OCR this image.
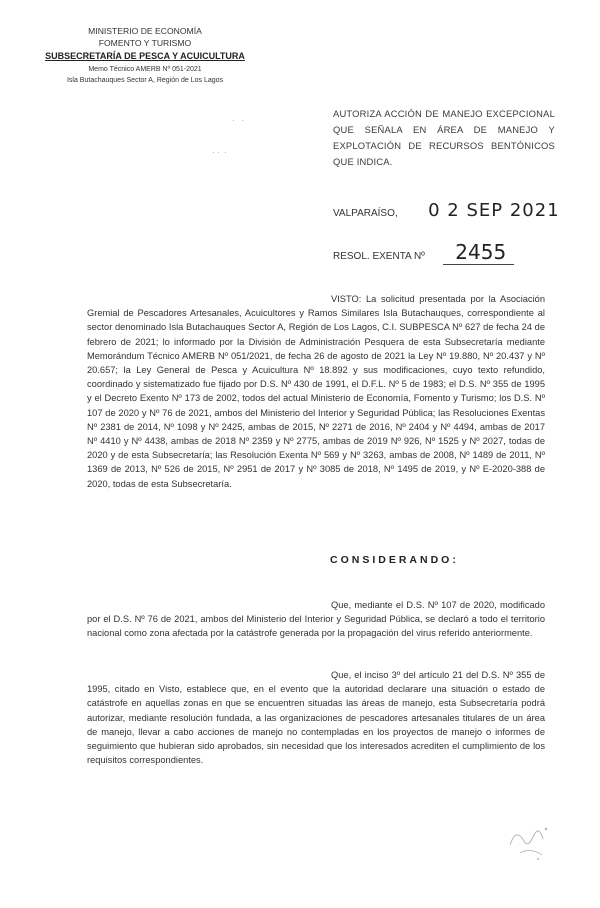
MINISTERIO DE ECONOMÍA
FOMENTO Y TURISMO
SUBSECRETARÍA DE PESCA Y ACUICULTURA
Memo Técnico AMERB Nº 051-2021
Isla Butachauques Sector A, Región de Los Lagos
·   ·
· ·  ·
AUTORIZA ACCIÓN DE MANEJO EXCEPCIONAL QUE SEÑALA EN ÁREA DE MANEJO Y EXPLOTACIÓN DE RECURSOS BENTÓNICOS QUE INDICA.
VALPARAÍSO, 0 2 SEP 2021
RESOL. EXENTA Nº 2455
VISTO: La solicitud presentada por la Asociación Gremial de Pescadores Artesanales, Acuicultores y Ramos Similares Isla Butachauques, correspondiente al sector denominado Isla Butachauques Sector A, Región de Los Lagos, C.I. SUBPESCA Nº 627 de fecha 24 de febrero de 2021; lo informado por la División de Administración Pesquera de esta Subsecretaría mediante Memorándum Técnico AMERB Nº 051/2021, de fecha 26 de agosto de 2021 la Ley Nº 19.880, Nº 20.437 y Nº 20.657; la Ley General de Pesca y Acuicultura Nº 18.892 y sus modificaciones, cuyo texto refundido, coordinado y sistematizado fue fijado por D.S. Nº 430 de 1991, el D.F.L. Nº 5 de 1983; el D.S. Nº 355 de 1995 y el Decreto Exento Nº 173 de 2002, todos del actual Ministerio de Economía, Fomento y Turismo; los D.S. Nº 107 de 2020 y Nº 76 de 2021, ambos del Ministerio del Interior y Seguridad Pública; las Resoluciones Exentas Nº 2381 de 2014, Nº 1098 y Nº 2425, ambas de 2015, Nº 2271 de 2016, Nº 2404 y Nº 4494, ambas de 2017 Nº 4410 y Nº 4438, ambas de 2018 Nº 2359 y Nº 2775, ambas de 2019 Nº 926, Nº 1525 y Nº 2027, todas de 2020 y de esta Subsecretaría; las Resolución Exenta Nº 569 y Nº 3263, ambas de 2008, Nº 1489 de 2011, Nº 1369 de 2013, Nº 526 de 2015, Nº 2951 de 2017 y Nº 3085 de 2018, Nº 1495 de 2019, y Nº E-2020-388 de 2020, todas de esta Subsecretaría.
CONSIDERANDO:
Que, mediante el D.S. Nº 107 de 2020, modificado por el D.S. Nº 76 de 2021, ambos del Ministerio del Interior y Seguridad Pública, se declaró a todo el territorio nacional como zona afectada por la catástrofe generada por la propagación del virus referido anteriormente.
Que, el inciso 3º del artículo 21 del D.S. Nº 355 de 1995, citado en Visto, establece que, en el evento que la autoridad declarare una situación o estado de catástrofe en aquellas zonas en que se encuentren situadas las áreas de manejo, esta Subsecretaría podrá autorizar, mediante resolución fundada, a las organizaciones de pescadores artesanales titulares de un área de manejo, llevar a cabo acciones de manejo no contempladas en los proyectos de manejo o informes de seguimiento que hubieran sido aprobados, sin necesidad que los interesados acrediten el cumplimiento de los requisitos correspondientes.
